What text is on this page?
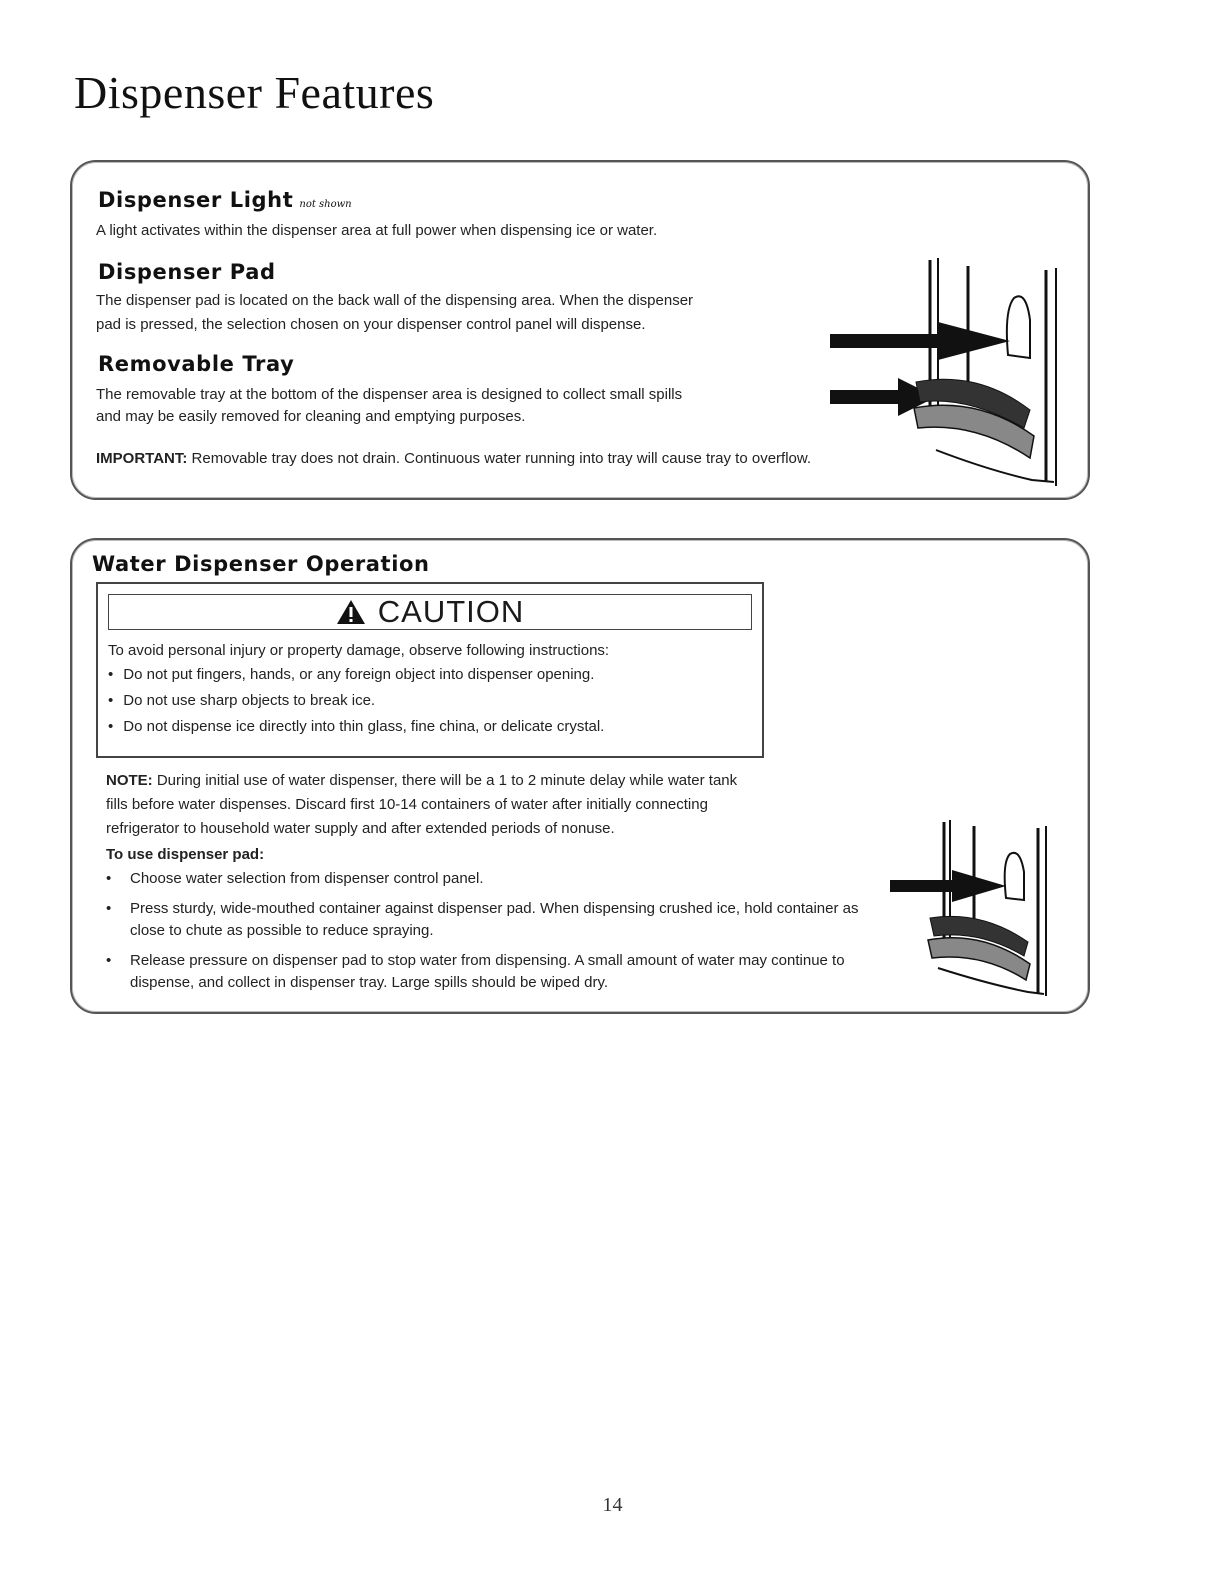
Dispenser Features
Dispenser Light not shown

A light activates within the dispenser area at full power when dispensing ice or water.

Dispenser Pad

The dispenser pad is located on the back wall of the dispensing area. When the dispenser

pad is pressed, the selection chosen on your dispenser control panel will dispense.

Removable Tray

The removable tray at the bottom of the dispenser area is designed to collect small spills

and may be easily removed for cleaning and emptying purposes.

IMPORTANT: Removable tray does not drain. Continuous water running into tray will cause tray to overflow.

Water Dispenser Operation
CAUTION

To avoid personal injury or property damage, observe following instructions:

• Do not put fingers, hands, or any foreign object into dispenser opening.
• Do not use sharp objects to break ice.
• Do not dispense ice directly into thin glass, fine china, or delicate crystal.

NOTE: During initial use of water dispenser, there will be a 1 to 2 minute delay while water tank

fills before water dispenses. Discard first 10-14 containers of water after initially connecting

refrigerator to household water supply and after extended periods of nonuse.

To use dispenser pad:

• Choose water selection from dispenser control panel.
• Press sturdy, wide-mouthed container against dispenser pad. When dispensing crushed ice, hold container as close to chute as possible to reduce spraying.
• Release pressure on dispenser pad to stop water from dispensing. A small amount of water may continue to dispense, and collect in dispenser tray. Large spills should be wiped dry.
14
